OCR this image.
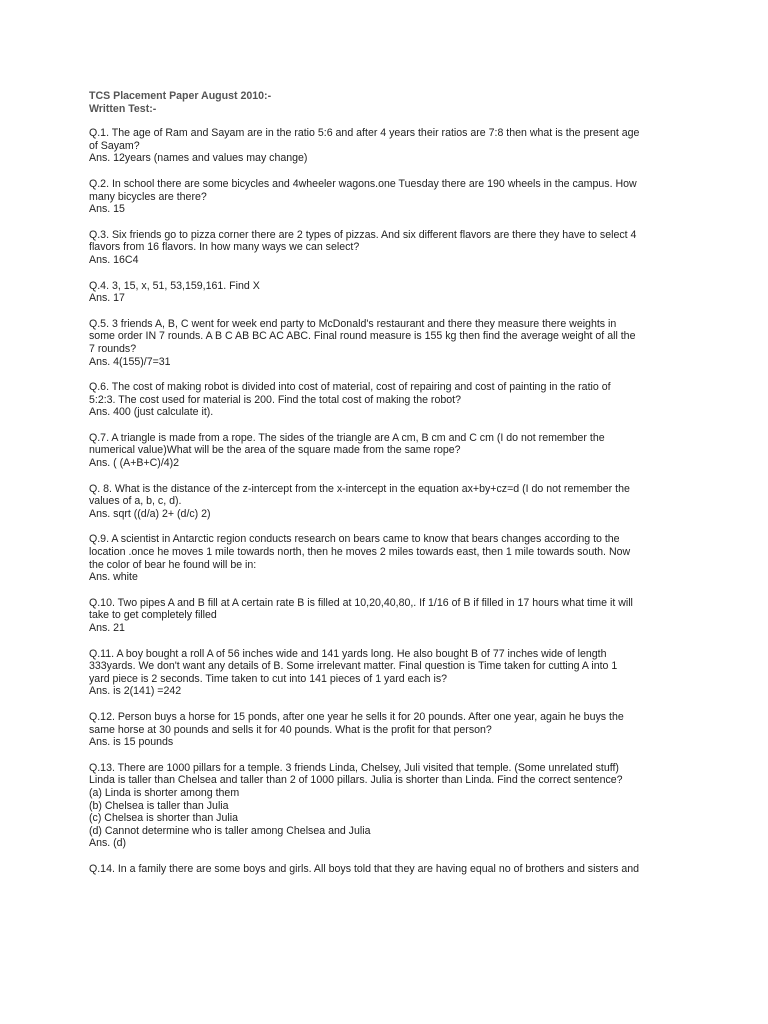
TCS Placement Paper August 2010:-
Written Test:-
Q.1. The age of Ram and Sayam are in the ratio 5:6 and after 4 years their ratios are 7:8 then what is the present age
of Sayam?
Ans. 12years (names and values may change)
Q.2. In school there are some bicycles and 4wheeler wagons.one Tuesday there are 190 wheels in the campus. How
many bicycles are there?
Ans. 15
Q.3. Six friends go to pizza corner there are 2 types of pizzas. And six different flavors are there they have to select 4
flavors from 16 flavors. In how many ways we can select?
Ans. 16C4
Q.4. 3, 15, x, 51, 53,159,161. Find X
Ans. 17
Q.5. 3 friends A, B, C went for week end party to McDonald's restaurant and there they measure there weights in
some order IN 7 rounds. A B C AB BC AC ABC. Final round measure is 155 kg then find the average weight of all the
7 rounds?
Ans. 4(155)/7=31
Q.6. The cost of making robot is divided into cost of material, cost of repairing and cost of painting in the ratio of
5:2:3. The cost used for material is 200. Find the total cost of making the robot?
Ans. 400 (just calculate it).
Q.7. A triangle is made from a rope. The sides of the triangle are A cm, B cm and C cm (I do not remember the
numerical value)What will be the area of the square made from the same rope?
Ans. ( (A+B+C)/4)2
Q. 8. What is the distance of the z-intercept from the x-intercept in the equation ax+by+cz=d (I do not remember the
values of a, b, c, d).
Ans. sqrt ((d/a) 2+ (d/c) 2)
Q.9. A scientist in Antarctic region conducts research on bears came to know that bears changes according to the
location .once he moves 1 mile towards north, then he moves 2 miles towards east, then 1 mile towards south. Now
the color of bear he found will be in:
Ans. white
Q.10. Two pipes A and B fill at A certain rate B is filled at 10,20,40,80,. If 1/16 of B if filled in 17 hours what time it will
take to get completely filled
Ans. 21
Q.11. A boy bought a roll A of 56 inches wide and 141 yards long. He also bought B of 77 inches wide of length
333yards. We don't want any details of B. Some irrelevant matter. Final question is Time taken for cutting A into 1
yard piece is 2 seconds. Time taken to cut into 141 pieces of 1 yard each is?
Ans. is 2(141) =242
Q.12. Person buys a horse for 15 ponds, after one year he sells it for 20 pounds. After one year, again he buys the
same horse at 30 pounds and sells it for 40 pounds. What is the profit for that person?
Ans. is 15 pounds
Q.13. There are 1000 pillars for a temple. 3 friends Linda, Chelsey, Juli visited that temple. (Some unrelated stuff)
Linda is taller than Chelsea and taller than 2 of 1000 pillars. Julia is shorter than Linda. Find the correct sentence?
(a) Linda is shorter among them
(b) Chelsea is taller than Julia
(c) Chelsea is shorter than Julia
(d) Cannot determine who is taller among Chelsea and Julia
Ans. (d)
Q.14. In a family there are some boys and girls. All boys told that they are having equal no of brothers and sisters and
